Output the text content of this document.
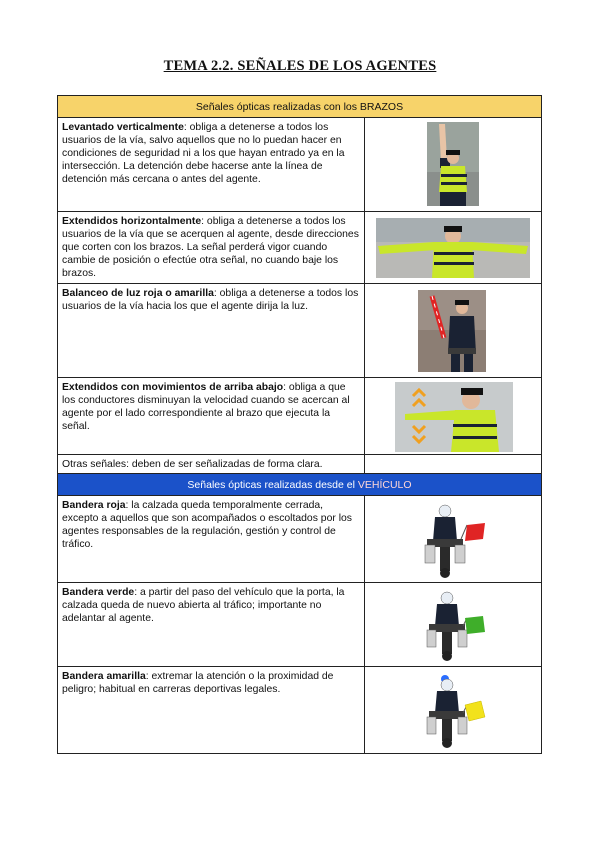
TEMA 2.2. SEÑALES DE LOS AGENTES
Señales ópticas realizadas con los BRAZOS	
Levantado verticalmente: obliga a detenerse a todos los usuarios de la vía, salvo aquellos que no lo puedan hacer en condiciones de seguridad ni a los que hayan entrado ya en la intersección. La detención debe hacerse ante la línea de detención más cercana o antes del agente.	

Extendidos horizontalmente: obliga a detenerse a todos los usuarios de la vía que se acerquen al agente, desde direcciones que corten con los brazos. La señal perderá vigor cuando cambie de posición o efectúe otra señal, no cuando baje los brazos.	

Balanceo de luz roja o amarilla: obliga a detenerse a todos los usuarios de la vía hacia los que el agente dirija la luz.	

Extendidos con movimientos de arriba abajo: obliga a que los conductores disminuyan la velocidad cuando se acercan al agente por el lado correspondiente al brazo que ejecuta la señal.	

Otras señales: deben de ser señalizadas de forma clara.	
Señales ópticas realizadas desde el VEHÍCULO	
Bandera roja: la calzada queda temporalmente cerrada, excepto a aquellos que son acompañados o escoltados por los agentes responsables de la regulación, gestión y control de tráfico.	

Bandera verde: a partir del paso del vehículo que la porta, la calzada queda de nuevo abierta al tráfico; importante no adelantar al agente.	

Bandera amarilla: extremar la atención o la proximidad de peligro; habitual en carreras deportivas legales.	
